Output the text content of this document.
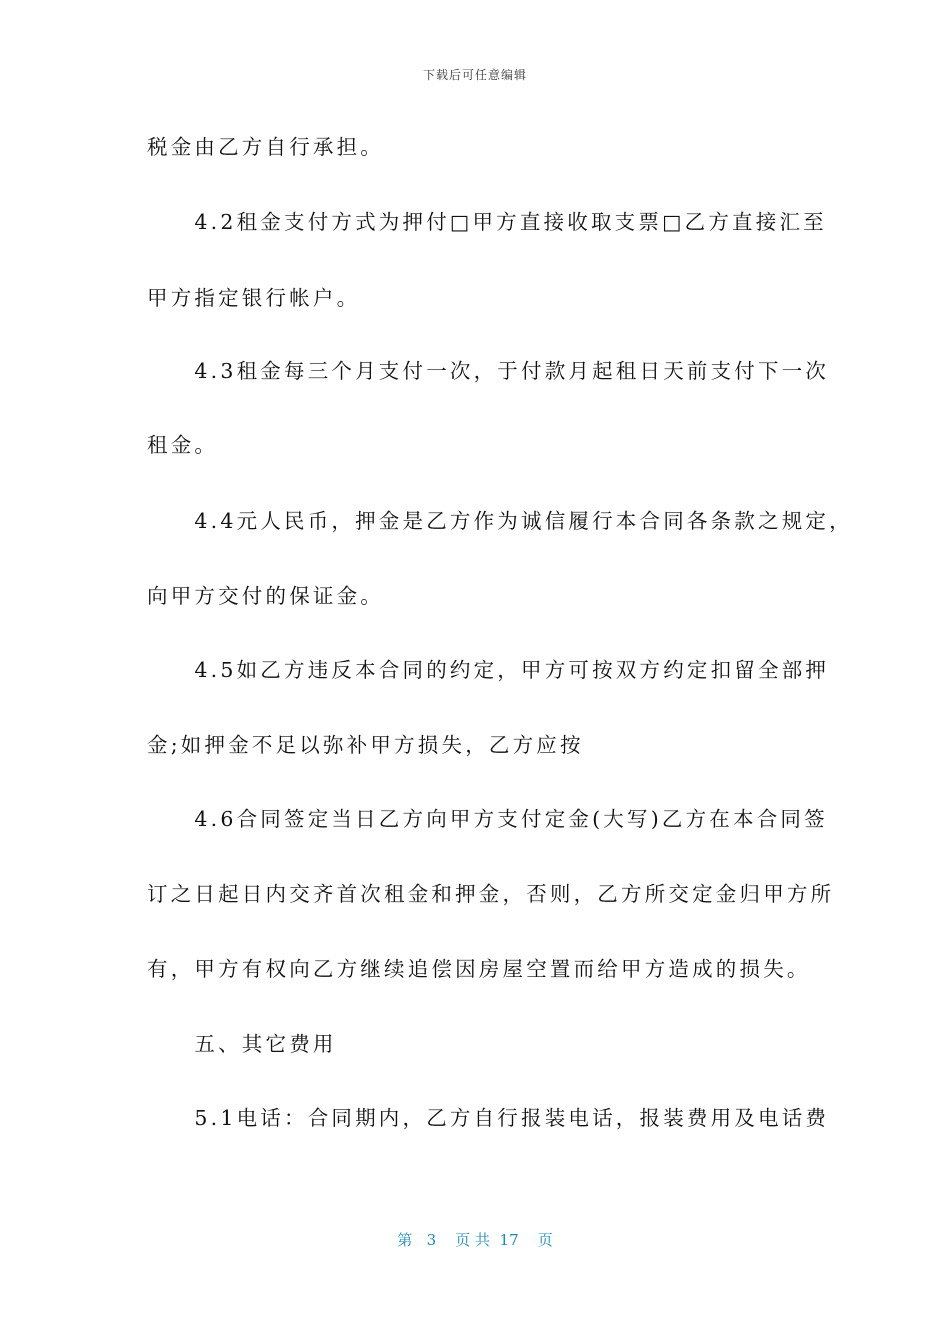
下载后可任意编辑
税金由乙方自行承担。
　　4.2租金支付方式为押付□甲方直接收取支票□乙方直接汇至
甲方指定银行帐户。
　　4.3租金每三个月支付一次，于付款月起租日天前支付下一次
租金。
　　4.4元人民币，押金是乙方作为诚信履行本合同各条款之规定，
向甲方交付的保证金。
　　4.5如乙方违反本合同的约定，甲方可按双方约定扣留全部押
金;如押金不足以弥补甲方损失，乙方应按
　　4.6合同签定当日乙方向甲方支付定金(大写)乙方在本合同签
订之日起日内交齐首次租金和押金，否则，乙方所交定金归甲方所
有，甲方有权向乙方继续追偿因房屋空置而给甲方造成的损失。
　　五、其它费用
　　5.1电话：合同期内，乙方自行报装电话，报装费用及电话费
第 3 页 共 17 页
